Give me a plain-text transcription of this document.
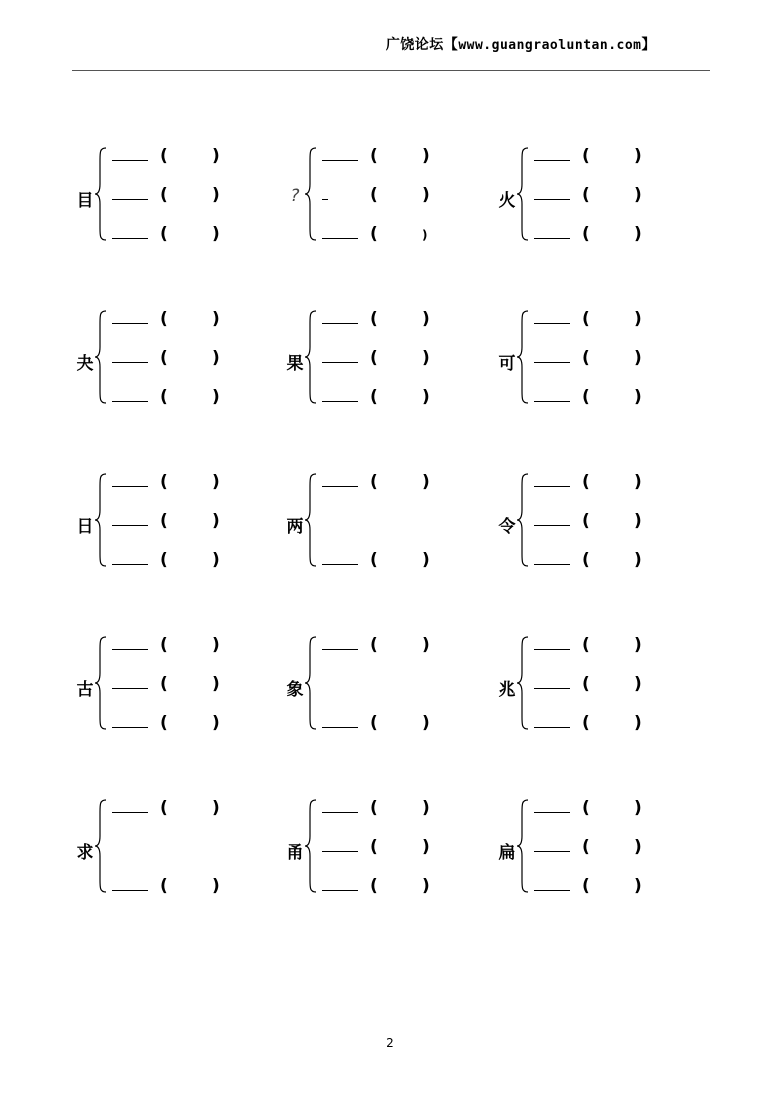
广饶论坛【www.guangraoluntan.com】
目
(	)
(	)
(	)
?
(	)
(	)
(	)
火
(	)
(	)
(	)
夬
(	)
(	)
(	)
果
(	)
(	)
(	)
可
(	)
(	)
(	)
日
(	)
(	)
(	)
两
(	)
(	)
令
(	)
(	)
(	)
古
(	)
(	)
(	)
象
(	)
(	)
兆
(	)
(	)
(	)
求
(	)
(	)
甬
(	)
(	)
(	)
扁
(	)
(	)
(	)
2
